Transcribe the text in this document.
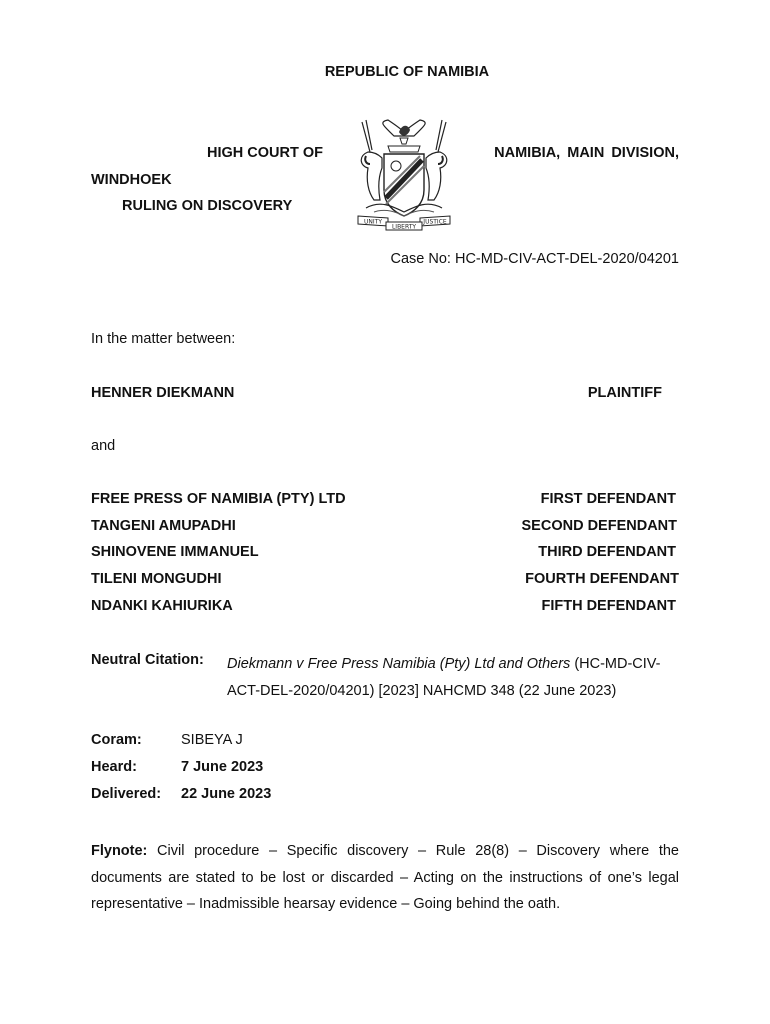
REPUBLIC OF NAMIBIA
HIGH COURT OF
UNITY	JUSTICE
LIBERTY
NAMIBIA, MAIN DIVISION,
WINDHOEK
RULING ON DISCOVERY
Case No: HC-MD-CIV-ACT-DEL-2020/04201
In the matter between:
HENNER DIEKMANN	PLAINTIFF
and
FREE PRESS OF NAMIBIA (PTY) LTD	FIRST DEFENDANT
TANGENI AMUPADHI	SECOND DEFENDANT
SHINOVENE IMMANUEL	THIRD DEFENDANT
TILENI MONGUDHI	FOURTH DEFENDANT
NDANKI KAHIURIKA	FIFTH DEFENDANT
Neutral Citation: Diekmann v Free Press Namibia (Pty) Ltd and Others (HC-MD-CIV-ACT-DEL-2020/04201) [2023] NAHCMD 348 (22 June 2023)
Coram:	SIBEYA J
Heard:	7 June 2023
Delivered: 22 June 2023
Flynote: Civil procedure – Specific discovery – Rule 28(8) – Discovery where the documents are stated to be lost or discarded – Acting on the instructions of one’s legal representative – Inadmissible hearsay evidence – Going behind the oath.
